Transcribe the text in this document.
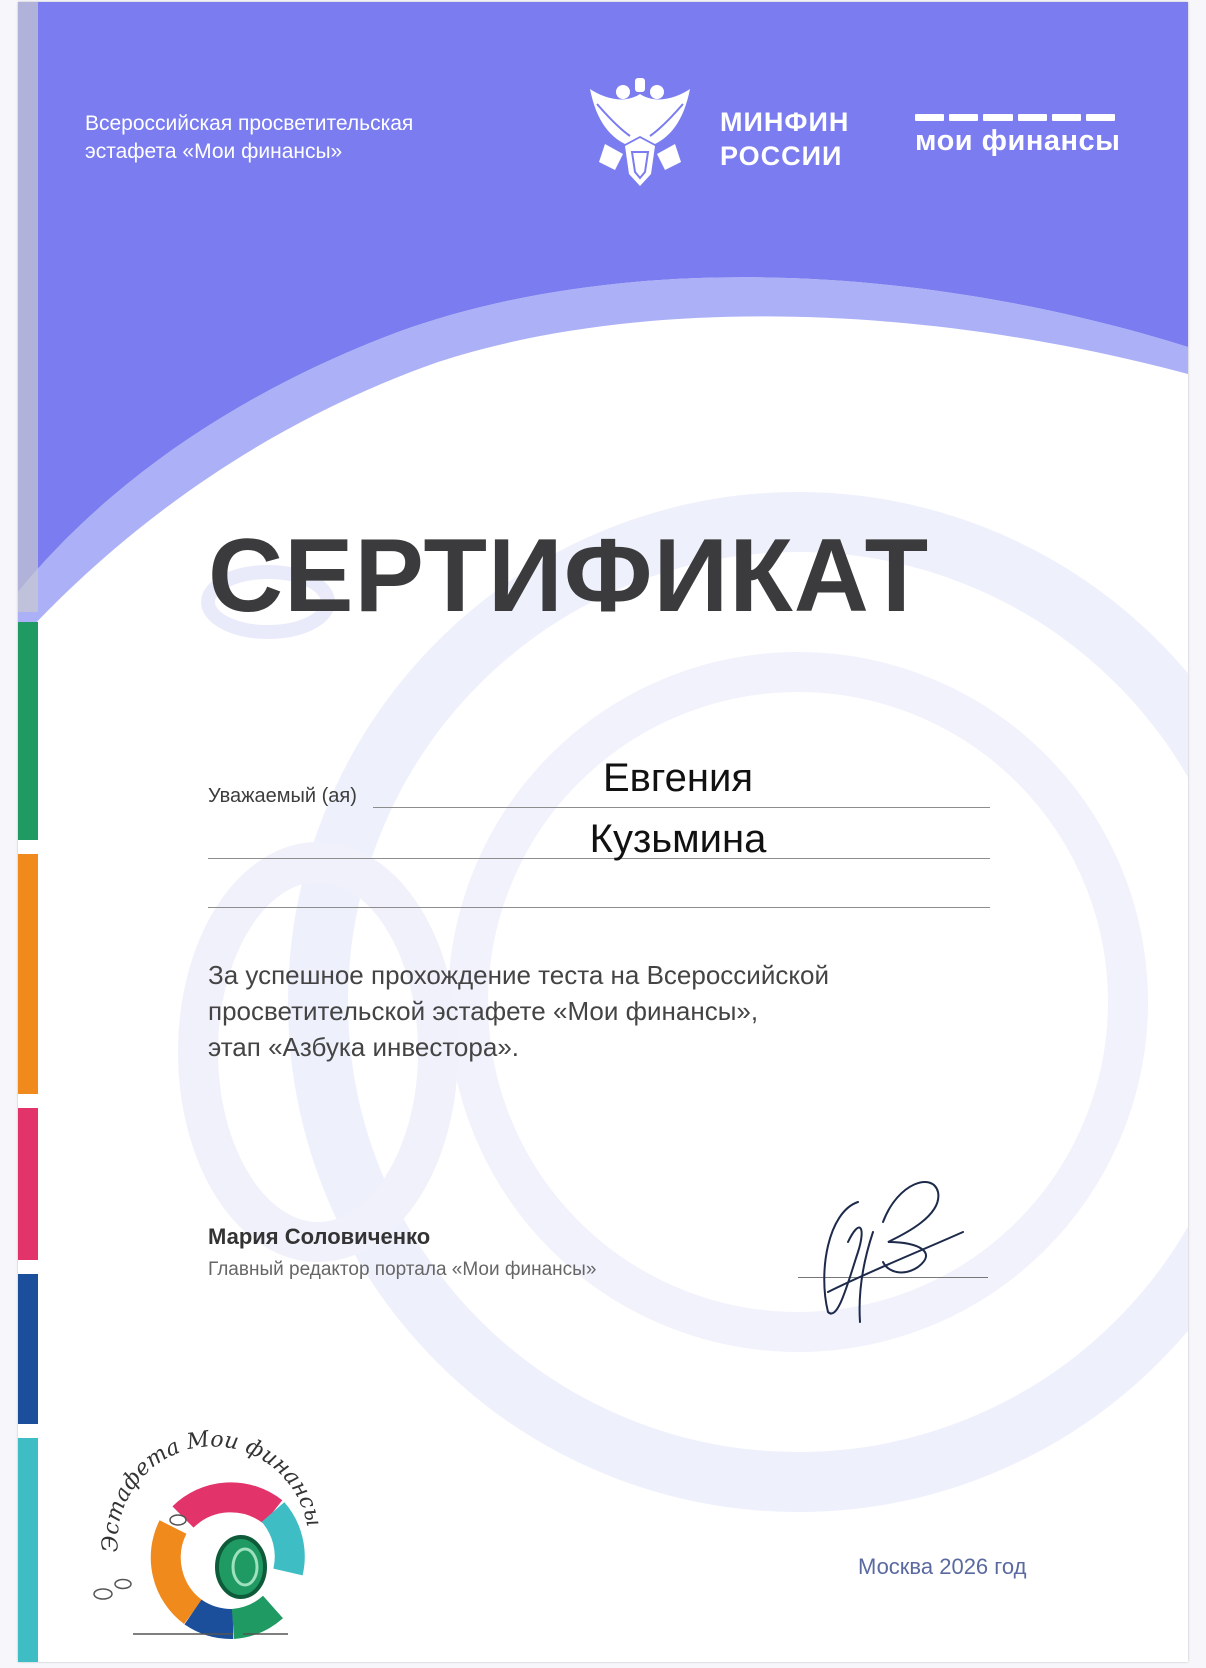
Всероссийская просветительская
эстафета «Мои финансы»
МИНФИН
РОССИИ	мои финансы
СЕРТИФИКАТ
Уважаемый (ая)	Евгения
Кузьмина
За успешное прохождение теста на Всероссийской
просветительской эстафете «Мои финансы»,
этап «Азбука инвестора».
Мария Соловиченко
Главный редактор портала «Мои финансы»
Москва 2026 год
Эстафета Мои финансы
